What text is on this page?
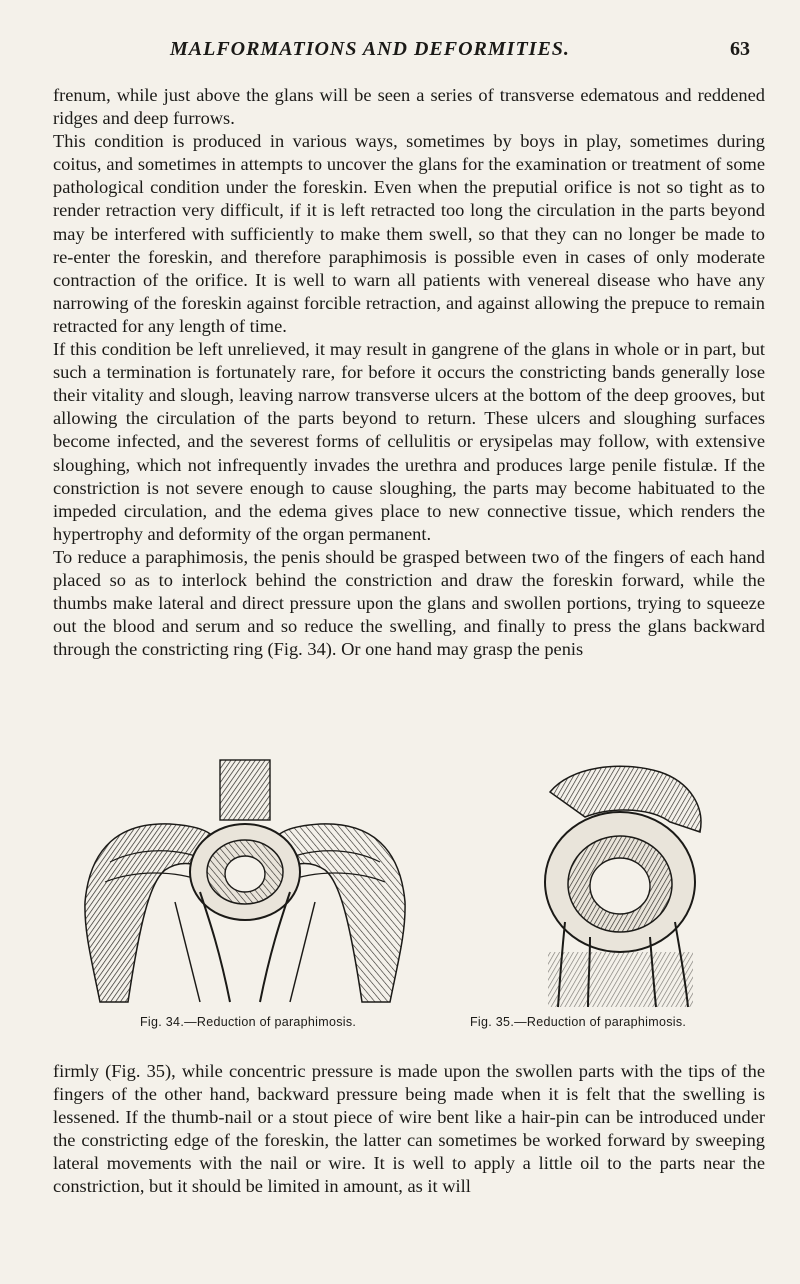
MALFORMATIONS AND DEFORMITIES.	63

frenum, while just above the glans will be seen a series of transverse edematous and reddened ridges and deep furrows.

This condition is produced in various ways, sometimes by boys in play, sometimes during coitus, and sometimes in attempts to uncover the glans for the examination or treatment of some pathological condition under the foreskin. Even when the preputial orifice is not so tight as to render retraction very difficult, if it is left retracted too long the circulation in the parts beyond may be interfered with sufficiently to make them swell, so that they can no longer be made to re-enter the foreskin, and therefore paraphimosis is possible even in cases of only moderate contraction of the orifice. It is well to warn all patients with venereal disease who have any narrowing of the foreskin against forcible retraction, and against allowing the prepuce to remain retracted for any length of time.

If this condition be left unrelieved, it may result in gangrene of the glans in whole or in part, but such a termination is fortunately rare, for before it occurs the constricting bands generally lose their vitality and slough, leaving narrow transverse ulcers at the bottom of the deep grooves, but allowing the circulation of the parts beyond to return. These ulcers and sloughing surfaces become infected, and the severest forms of cellulitis or erysipelas may follow, with extensive sloughing, which not infrequently invades the urethra and produces large penile fistulæ. If the constriction is not severe enough to cause sloughing, the parts may become habituated to the impeded circulation, and the edema gives place to new connective tissue, which renders the hypertrophy and deformity of the organ permanent.

To reduce a paraphimosis, the penis should be grasped between two of the fingers of each hand placed so as to interlock behind the constriction and draw the foreskin forward, while the thumbs make lateral and direct pressure upon the glans and swollen portions, trying to squeeze out the blood and serum and so reduce the swelling, and finally to press the glans backward through the constricting ring (Fig. 34). Or one hand may grasp the penis

Fig. 34.—Reduction of paraphimosis.	Fig. 35.—Reduction of paraphimosis.

firmly (Fig. 35), while concentric pressure is made upon the swollen parts with the tips of the fingers of the other hand, backward pressure being made when it is felt that the swelling is lessened. If the thumb-nail or a stout piece of wire bent like a hair-pin can be introduced under the constricting edge of the foreskin, the latter can sometimes be worked forward by sweeping lateral movements with the nail or wire. It is well to apply a little oil to the parts near the constriction, but it should be limited in amount, as it will
